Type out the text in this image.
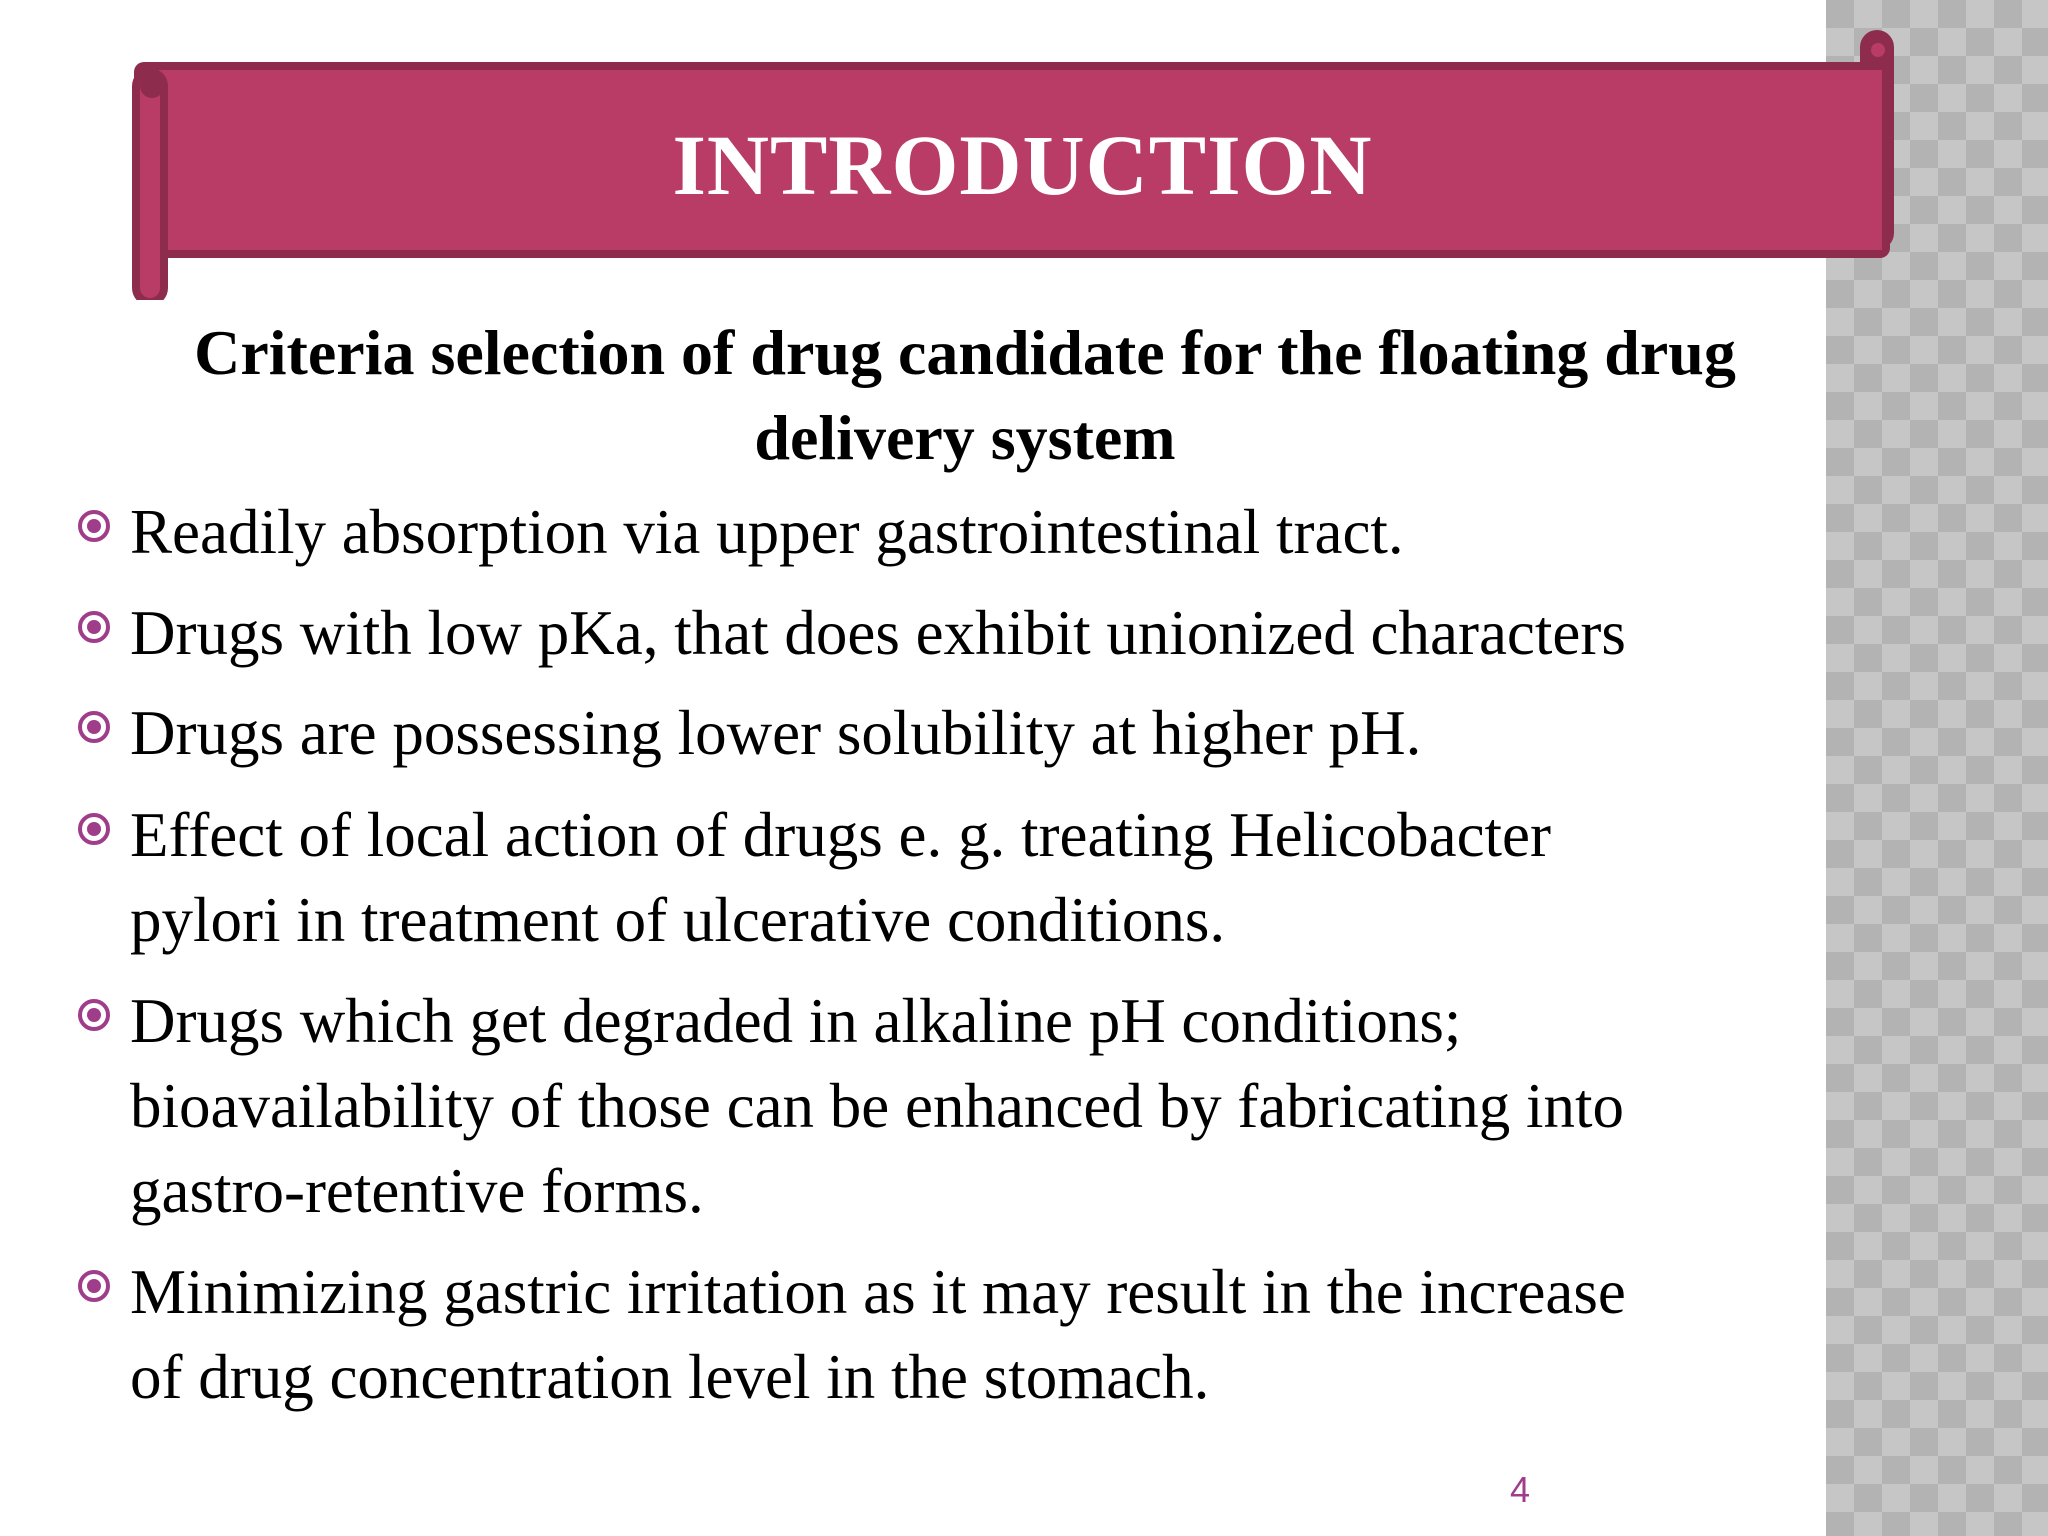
INTRODUCTION
Criteria selection of drug candidate for the floating drug
delivery system
Readily absorption via upper gastrointestinal tract.
Drugs with low pKa, that does exhibit unionized characters
Drugs are possessing lower solubility at higher pH.
Effect of local action of drugs e. g. treating Helicobacter
pylori in treatment of ulcerative conditions.
Drugs which get degraded in alkaline pH conditions;
bioavailability of those can be enhanced by fabricating into
gastro-retentive forms.
Minimizing gastric irritation as it may result in the increase
of drug concentration level in the stomach.
4
